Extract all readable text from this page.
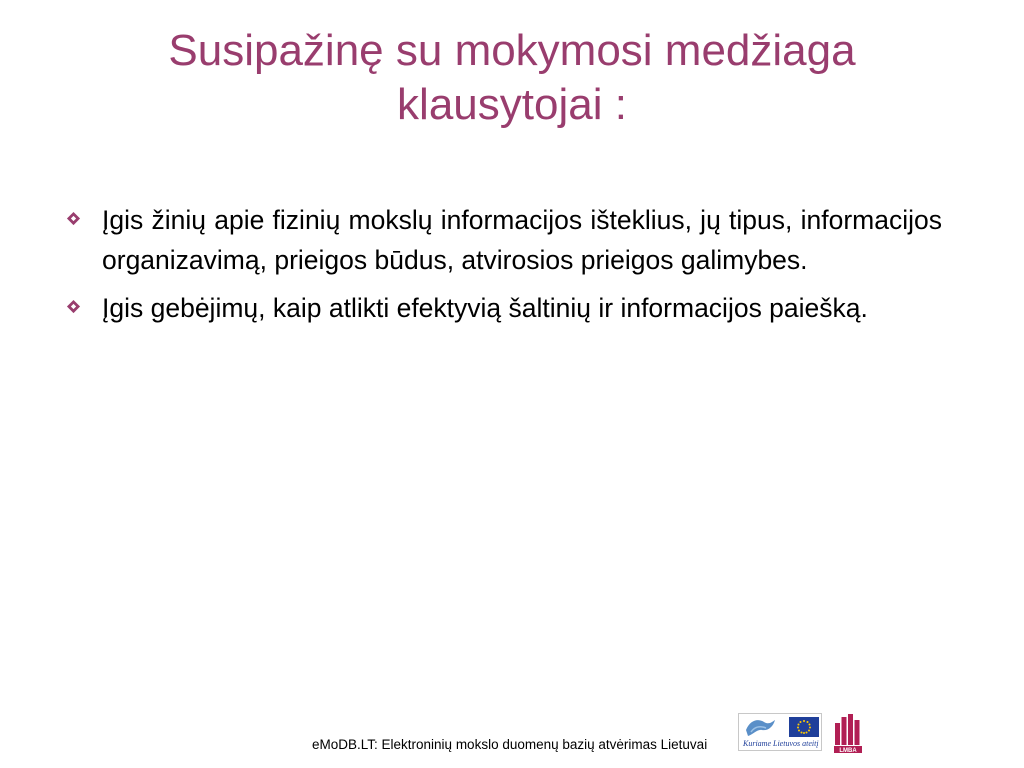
Susipažinę su mokymosi medžiaga
klausytojai :
Įgis žinių apie fizinių mokslų informacijos išteklius, jų tipus, informacijos organizavimą, prieigos būdus, atvirosios prieigos galimybes.
Įgis gebėjimų, kaip atlikti efektyvią šaltinių ir informacijos paiešką.
eMoDB.LT: Elektroninių mokslo duomenų bazių atvėrimas Lietuvai	Kuriame Lietuvos ateitį
LMBA
